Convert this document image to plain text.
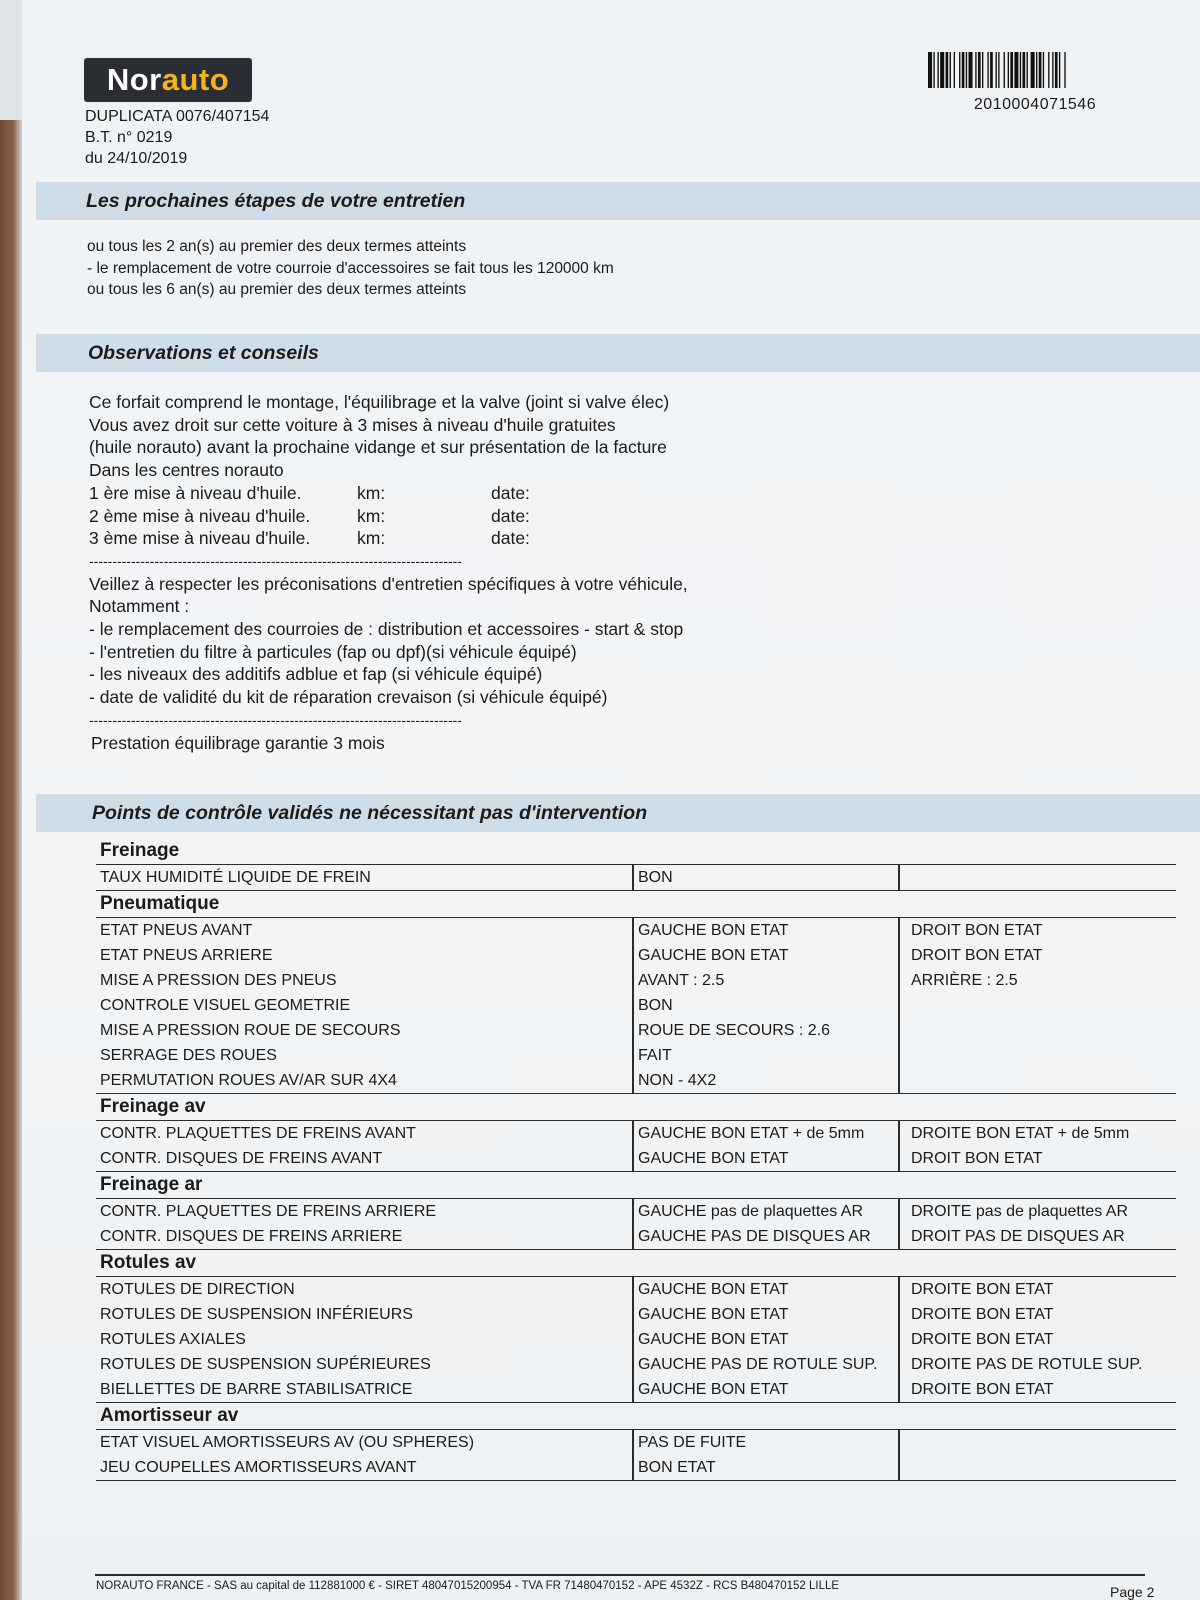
Nor auto
DUPLICATA 0076/407154
B.T. n° 0219
du 24/10/2019
2010004071546
Les prochaines étapes de votre entretien
ou tous les 2 an(s) au premier des deux termes atteints
- le remplacement de votre courroie d'accessoires se fait tous les 120000 km
ou tous les 6 an(s) au premier des deux termes atteints
Observations et conseils
Ce forfait comprend le montage, l'équilibrage et la valve (joint si valve élec)
Vous avez droit sur cette voiture à 3 mises à niveau d'huile gratuites
(huile norauto) avant la prochaine vidange et sur présentation de la facture
Dans les centres norauto
1 ère mise à niveau d'huile.	km:	date:
2 ème mise à niveau d'huile.	km:	date:
3 ème mise à niveau d'huile.	km:	date:
--------------------------------------------------------------------------------
Veillez à respecter les préconisations d'entretien spécifiques à votre véhicule,
Notamment :
- le remplacement des courroies de : distribution et accessoires - start & stop
- l'entretien du filtre à particules (fap ou dpf)(si véhicule équipé)
- les niveaux des additifs adblue et fap (si véhicule équipé)
- date de validité du kit de réparation crevaison (si véhicule équipé)
--------------------------------------------------------------------------------
Prestation équilibrage garantie 3 mois
Points de contrôle validés ne nécessitant pas d'intervention
Freinage
TAUX HUMIDITÉ LIQUIDE DE FREIN	BON
Pneumatique
ETAT PNEUS AVANT	GAUCHE BON ETAT	DROIT BON ETAT
ETAT PNEUS ARRIERE	GAUCHE BON ETAT	DROIT BON ETAT
MISE A PRESSION DES PNEUS	AVANT : 2.5	ARRIÈRE : 2.5
CONTROLE VISUEL GEOMETRIE	BON
MISE A PRESSION ROUE DE SECOURS	ROUE DE SECOURS : 2.6
SERRAGE DES ROUES	FAIT
PERMUTATION ROUES AV/AR SUR 4X4	NON - 4X2
Freinage av
CONTR. PLAQUETTES DE FREINS AVANT	GAUCHE BON ETAT + de 5mm	DROITE BON ETAT + de 5mm
CONTR. DISQUES DE FREINS AVANT	GAUCHE BON ETAT	DROIT BON ETAT
Freinage ar
CONTR. PLAQUETTES DE FREINS ARRIERE	GAUCHE pas de plaquettes AR	DROITE pas de plaquettes AR
CONTR. DISQUES DE FREINS ARRIERE	GAUCHE PAS DE DISQUES AR	DROIT PAS DE DISQUES AR
Rotules av
ROTULES DE DIRECTION	GAUCHE BON ETAT	DROITE BON ETAT
ROTULES DE SUSPENSION INFÉRIEURS	GAUCHE BON ETAT	DROITE BON ETAT
ROTULES AXIALES	GAUCHE BON ETAT	DROITE BON ETAT
ROTULES DE SUSPENSION SUPÉRIEURES	GAUCHE PAS DE ROTULE SUP.	DROITE PAS DE ROTULE SUP.
BIELLETTES DE BARRE STABILISATRICE	GAUCHE BON ETAT	DROITE BON ETAT
Amortisseur av
ETAT VISUEL AMORTISSEURS AV (OU SPHERES)	PAS DE FUITE
JEU COUPELLES AMORTISSEURS AVANT	BON ETAT
NORAUTO FRANCE - SAS au capital de 112881000 € - SIRET 48047015200954 - TVA FR 71480470152 - APE 4532Z - RCS B480470152 LILLE	Page 2
